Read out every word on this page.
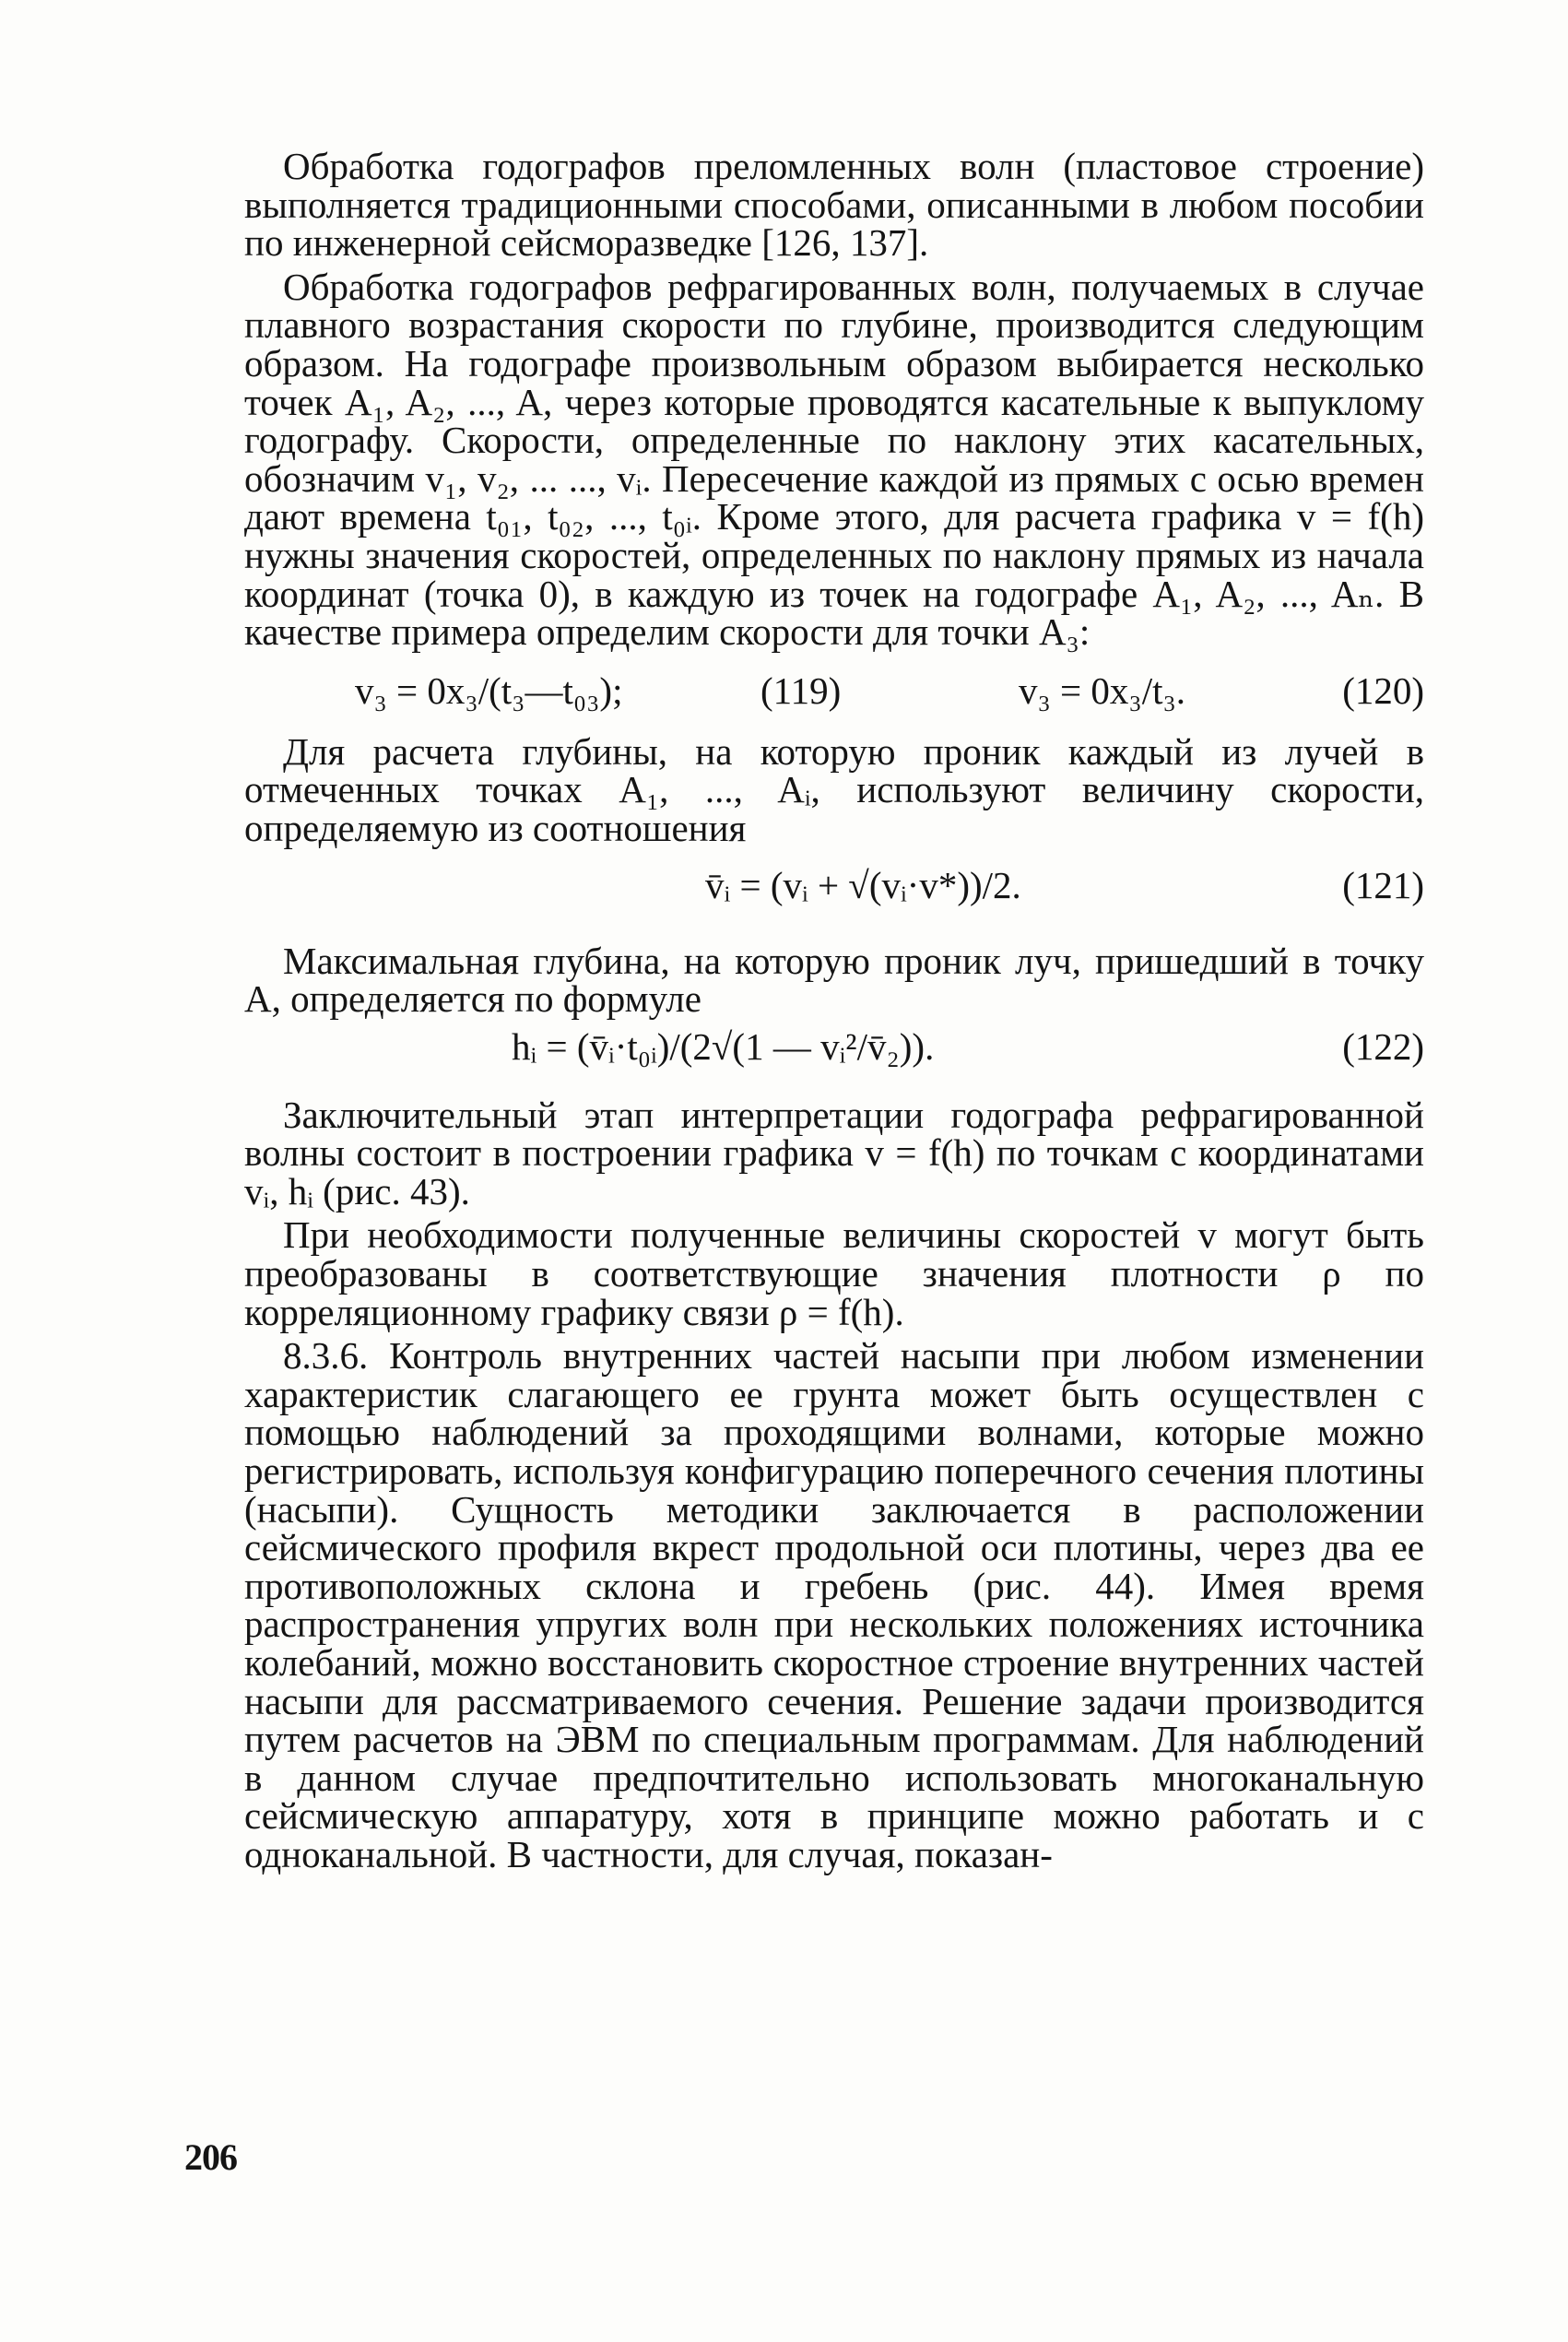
Обработка годографов преломленных волн (пластовое строение) выполняется традиционными способами, описанными в любом пособии по инженерной сейсморазведке [126, 137].

Обработка годографов рефрагированных волн, получаемых в случае плавного возрастания скорости по глубине, производится следующим образом. На годографе произвольным образом выбирается несколько точек A₁, A₂, ..., A, через которые проводятся касательные к выпуклому годографу. Скорости, определенные по наклону этих касательных, обозначим v₁, v₂, ... ..., vᵢ. Пересечение каждой из прямых с осью времен дают времена t₀₁, t₀₂, ..., t₀ᵢ. Кроме этого, для расчета графика v = f(h) нужны значения скоростей, определенных по наклону прямых из начала координат (точка 0), в каждую из точек на годографе A₁, A₂, ..., Aₙ. В качестве примера определим скорости для точки A₃:

v₃ = 0x₃/(t₃—t₀₃);	(119)	v₃ = 0x₃/t₃.	(120)

Для расчета глубины, на которую проник каждый из лучей в отмеченных точках A₁, ..., Aᵢ, используют величину скорости, определяемую из соотношения

v̄ᵢ = (vᵢ + √(vᵢ·v*))/2.	(121)

Максимальная глубина, на которую проник луч, пришедший в точку A, определяется по формуле

hᵢ = (v̄ᵢ·t₀ᵢ)/(2√(1 — vᵢ²/v̄₂)).	(122)

Заключительный этап интерпретации годографа рефрагированной волны состоит в построении графика v = f(h) по точкам с координатами vᵢ, hᵢ (рис. 43).

При необходимости полученные величины скоростей v могут быть преобразованы в соответствующие значения плотности ρ по корреляционному графику связи ρ = f(h).

8.3.6. Контроль внутренних частей насыпи при любом изменении характеристик слагающего ее грунта может быть осуществлен с помощью наблюдений за проходящими волнами, которые можно регистрировать, используя конфигурацию поперечного сечения плотины (насыпи). Сущность методики заключается в расположении сейсмического профиля вкрест продольной оси плотины, через два ее противоположных склона и гребень (рис. 44). Имея время распространения упругих волн при нескольких положениях источника колебаний, можно восстановить скоростное строение внутренних частей насыпи для рассматриваемого сечения. Решение задачи производится путем расчетов на ЭВМ по специальным программам. Для наблюдений в данном случае предпочтительно использовать многоканальную сейсмическую аппаратуру, хотя в принципе можно работать и с одноканальной. В частности, для случая, показан-

206
